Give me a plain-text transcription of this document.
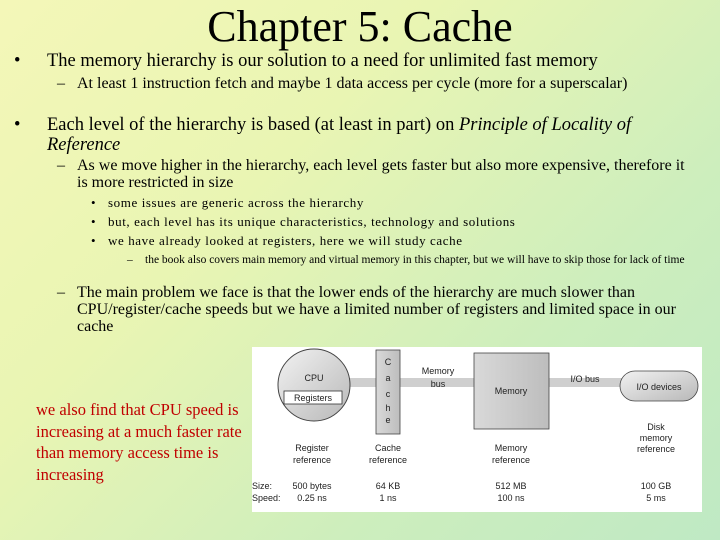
Chapter 5: Cache
• The memory hierarchy is our solution to a need for unlimited fast memory
– At least 1 instruction fetch and maybe 1 data access per cycle (more for a superscalar)
• Each level of the hierarchy is based (at least in part) on Principle of Locality of Reference
– As we move higher in the hierarchy, each level gets faster but also more expensive, therefore it is more restricted in size
• some issues are generic across the hierarchy
• but, each level has its unique characteristics, technology and solutions
• we have already looked at registers, here we will study cache
– the book also covers main memory and virtual memory in this chapter, but we will have to skip those for lack of time
– The main problem we face is that the lower ends of the hierarchy are much slower than CPU/register/cache speeds but we have a limited number of registers and limited space in our cache
we also find that CPU speed is increasing at a much faster rate than memory access time is increasing
CPU
Registers
C
a
c
h
e
Memory
bus
Memory
I/O bus
I/O devices
Register
reference
Cache
reference
Memory
reference
Disk
memory
reference
Size:
Speed:
500 bytes	64 KB	512 MB	100 GB
0.25 ns	1 ns	100 ns	5 ms
